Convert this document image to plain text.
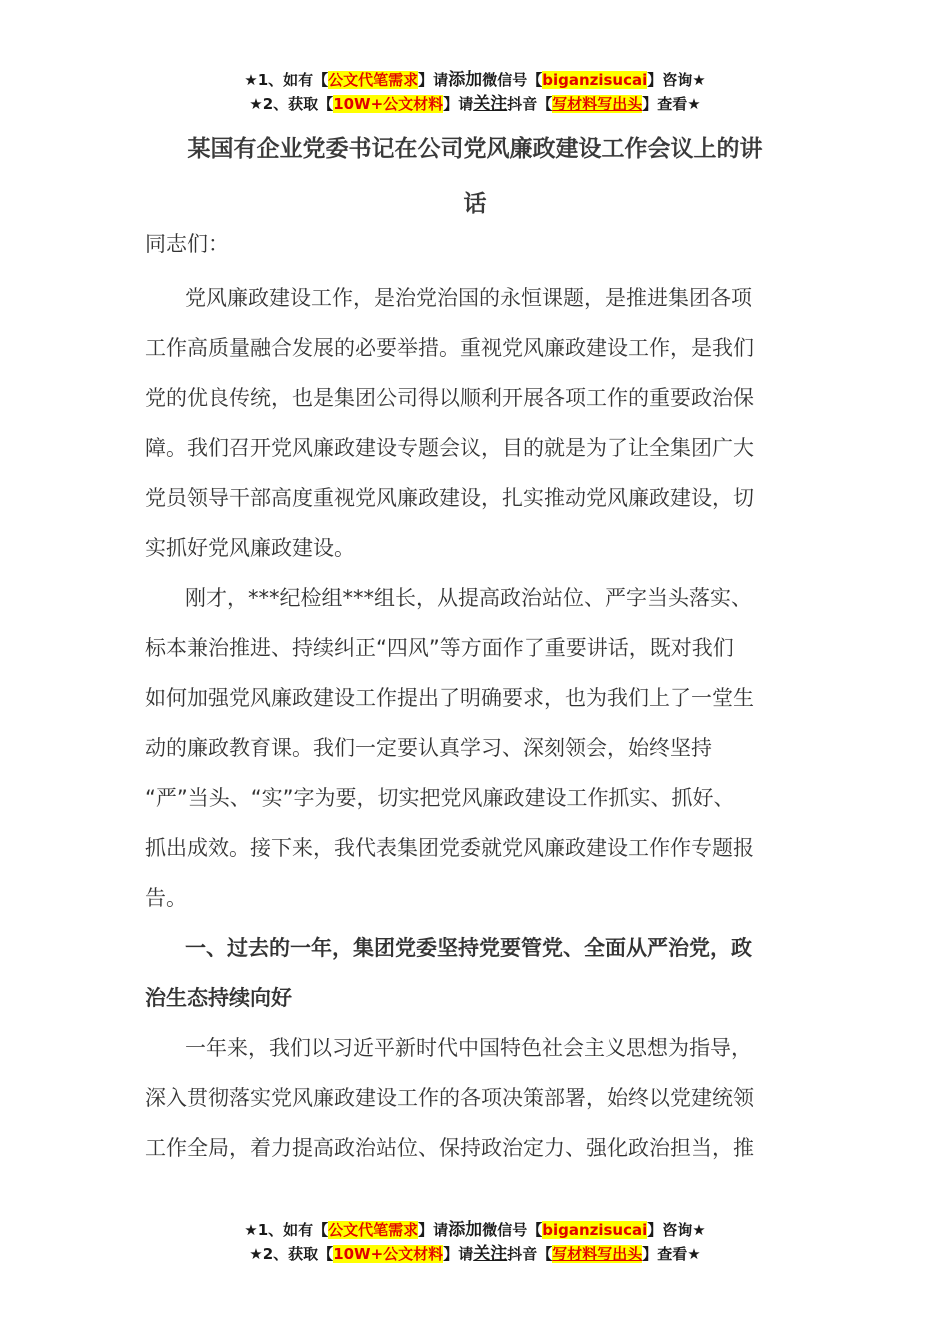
★1、如有【公文代笔需求】请添加微信号【biganzisucai】咨询★
★2、获取【10W+公文材料】请关注抖音【写材料写出头】查看★
某国有企业党委书记在公司党风廉政建设工作会议上的讲
话
同志们：
党风廉政建设工作，是治党治国的永恒课题，是推进集团各项
工作高质量融合发展的必要举措。重视党风廉政建设工作，是我们
党的优良传统，也是集团公司得以顺利开展各项工作的重要政治保
障。我们召开党风廉政建设专题会议，目的就是为了让全集团广大
党员领导干部高度重视党风廉政建设，扎实推动党风廉政建设，切
实抓好党风廉政建设。
刚才，***纪检组***组长，从提高政治站位、严字当头落实、
标本兼治推进、持续纠正“四风”等方面作了重要讲话，既对我们
如何加强党风廉政建设工作提出了明确要求，也为我们上了一堂生
动的廉政教育课。我们一定要认真学习、深刻领会，始终坚持
“严”当头、“实”字为要，切实把党风廉政建设工作抓实、抓好、
抓出成效。接下来，我代表集团党委就党风廉政建设工作作专题报
告。
一、过去的一年，集团党委坚持党要管党、全面从严治党，政
治生态持续向好
一年来，我们以习近平新时代中国特色社会主义思想为指导，
深入贯彻落实党风廉政建设工作的各项决策部署，始终以党建统领
工作全局，着力提高政治站位、保持政治定力、强化政治担当，推
★1、如有【公文代笔需求】请添加微信号【biganzisucai】咨询★
★2、获取【10W+公文材料】请关注抖音【写材料写出头】查看★
